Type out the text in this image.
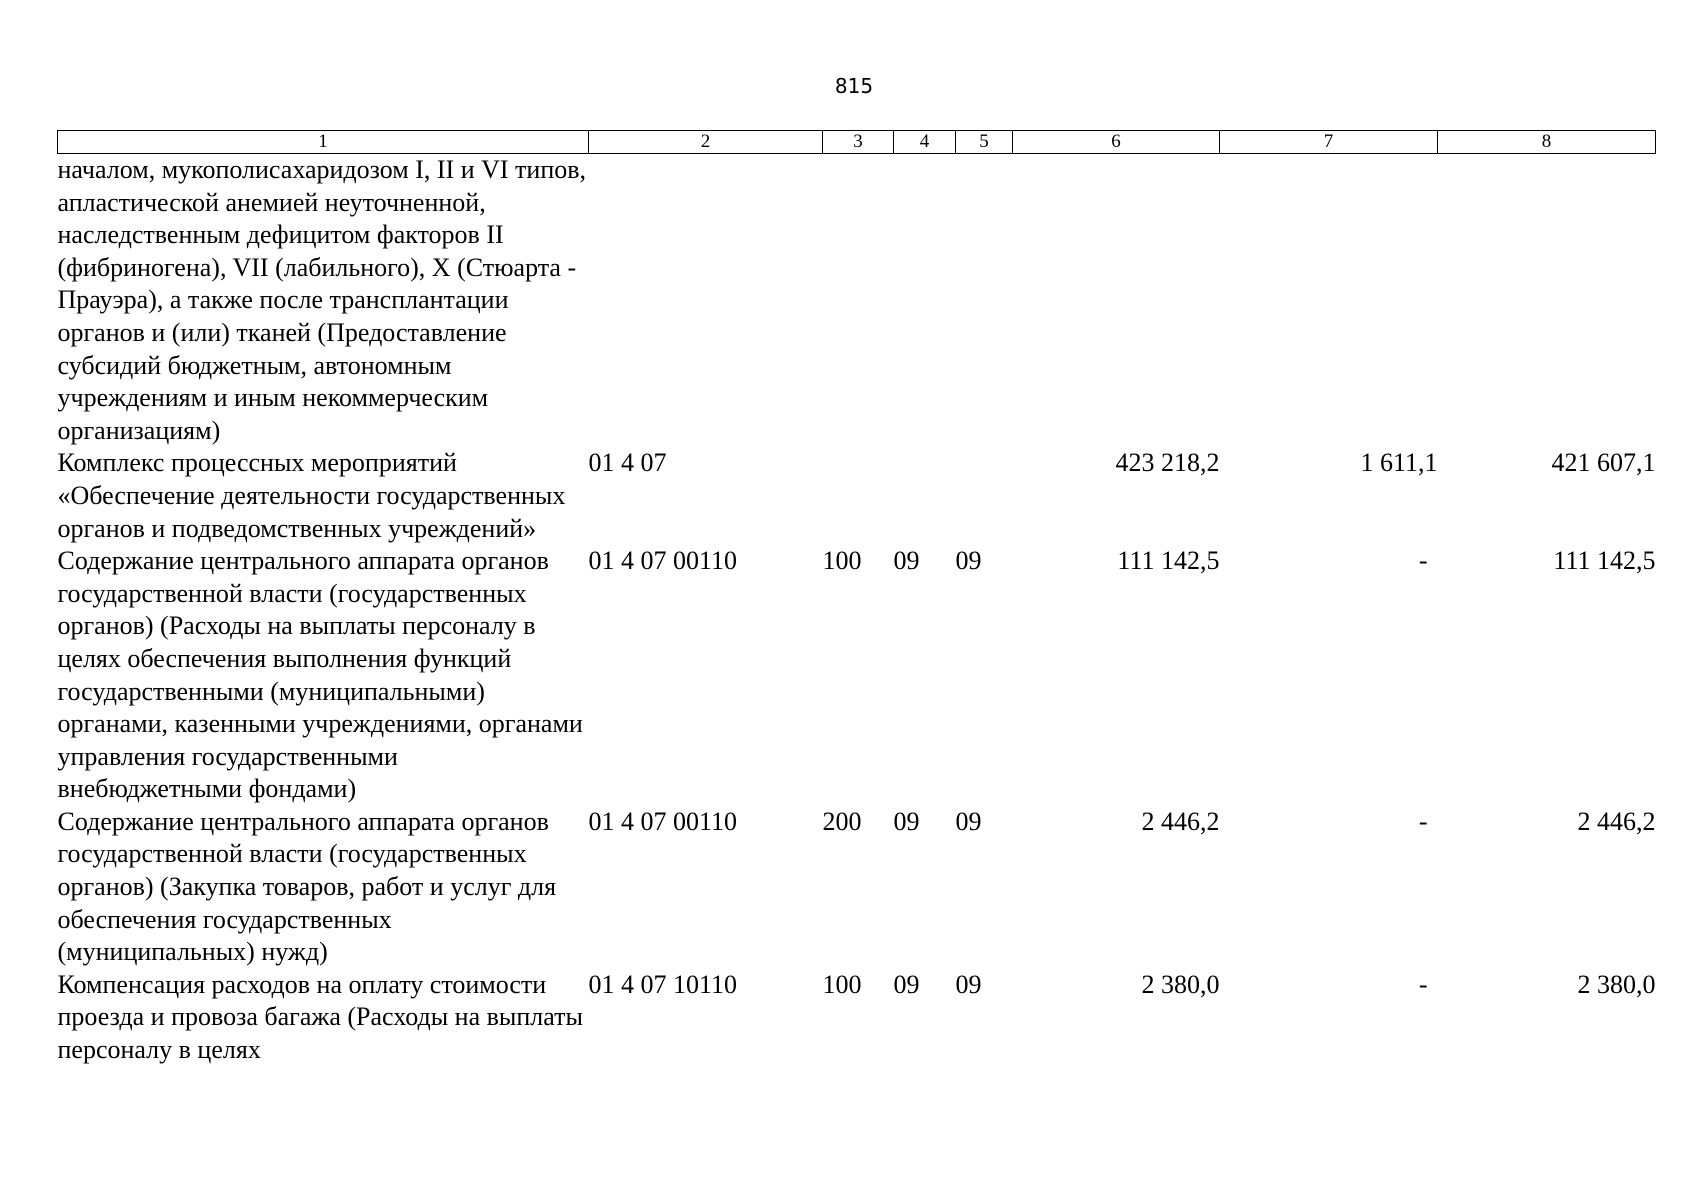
815
1	2	3	4	5	6	7	8
началом, мукополисахаридозом I, II и VI типов, апластической анемией неуточненной, наследственным дефицитом факторов II (фибриногена), VII (лабильного), X (Стюарта - Прауэра), а также после трансплантации органов и (или) тканей (Предоставление субсидий бюджетным, автономным учреждениям и иным некоммерческим организациям)							
Комплекс процессных мероприятий «Обеспечение деятельности государственных органов и подведомственных учреждений»	01 4 07				423 218,2	1 611,1	421 607,1
Содержание центрального аппарата органов государственной власти (государственных органов) (Расходы на выплаты персоналу в целях обеспечения выполнения функций государственными (муниципальными) органами, казенными учреждениями, органами управления государственными внебюджетными фондами)	01 4 07 00110	100	09	09	111 142,5	-	111 142,5
Содержание центрального аппарата органов государственной власти (государственных органов) (Закупка товаров, работ и услуг для обеспечения государственных (муниципальных) нужд)	01 4 07 00110	200	09	09	2 446,2	-	2 446,2
Компенсация расходов на оплату стоимости проезда и провоза багажа (Расходы на выплаты персоналу в целях	01 4 07 10110	100	09	09	2 380,0	-	2 380,0
